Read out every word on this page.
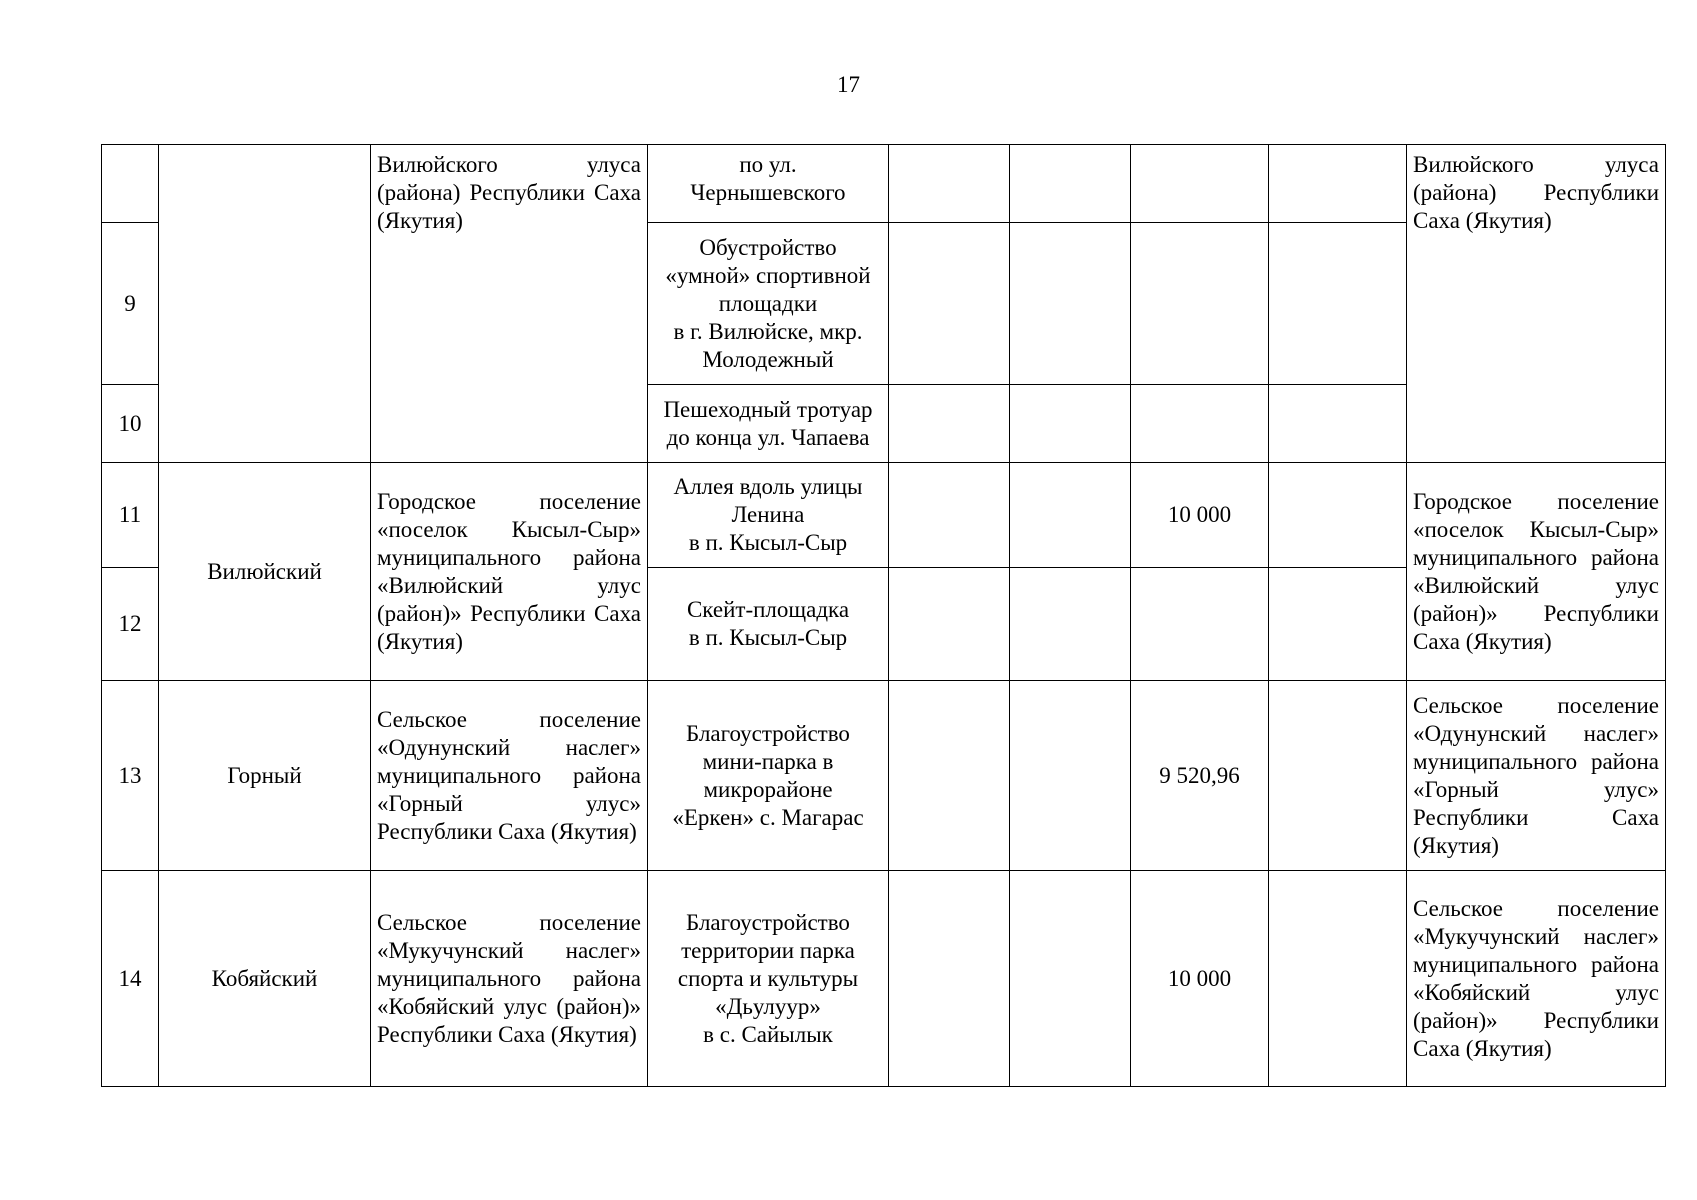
17
		Вилюйского улуса (района) Республики Саха (Якутия)	по ул.
Чернышевского					Вилюйского улуса (района) Республики Саха (Якутия)
9			Обустройство
«умной» спортивной
площадки
в г. Вилюйске, мкр.
Молодежный					
10			Пешеходный тротуар
до конца ул. Чапаева					
11	Вилюйский	Городское поселение «поселок Кысыл-Сыр» муниципального района «Вилюйский улус (район)» Республики Саха (Якутия)	Аллея вдоль улицы
Ленина
в п. Кысыл-Сыр			10 000		Городское поселение «поселок Кысыл-Сыр» муниципального района «Вилюйский улус (район)» Республики Саха (Якутия)
12			Скейт-площадка
в п. Кысыл-Сыр					
13	Горный	Сельское поселение «Одунунский наслег» муниципального района «Горный улус» Республики Саха (Якутия)	Благоустройство
мини-парка в
микрорайоне
«Еркен» с. Магарас			9 520,96		Сельское поселение «Одунунский наслег» муниципального района «Горный улус» Республики Саха (Якутия)
14	Кобяйский	Сельское поселение «Мукучунский наслег» муниципального района «Кобяйский улус (район)» Республики Саха (Якутия)	Благоустройство
территории парка
спорта и культуры
«Дьулуур»
в с. Сайылык			10 000		Сельское поселение «Мукучунский наслег» муниципального района «Кобяйский улус (район)» Республики Саха (Якутия)
